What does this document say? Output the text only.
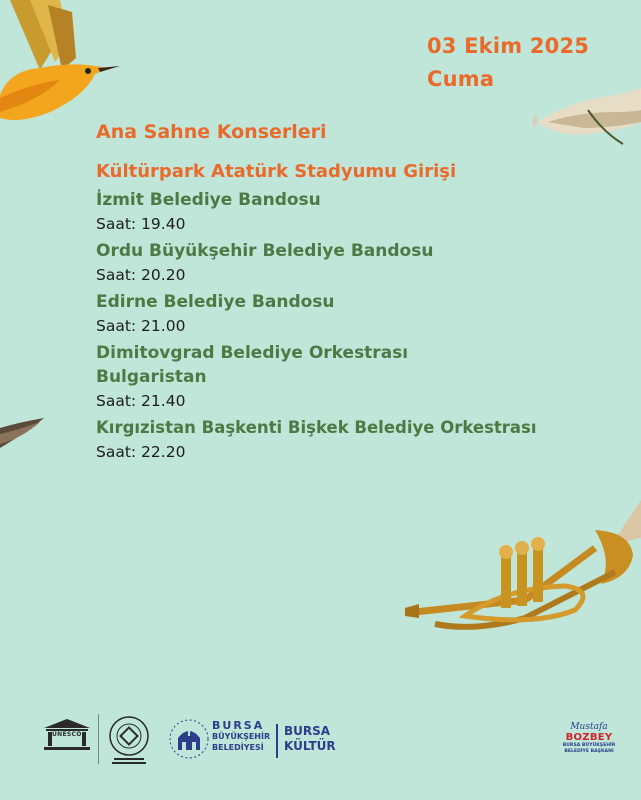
03 Ekim 2025
Cuma
Ana Sahne Konserleri
Kültürpark Atatürk Stadyumu Girişi
İzmit Belediye Bandosu
Saat: 19.40
Ordu Büyükşehir Belediye Bandosu
Saat: 20.20
Edirne Belediye Bandosu
Saat: 21.00
Dimitovgrad Belediye Orkestrası
Bulgaristan
Saat: 21.40
Kırgızistan Başkenti Bişkek Belediye Orkestrası
Saat: 22.20
UNESCO
BURSA
BÜYÜKŞEHİR
BELEDİYESİ
BURSA
KÜLTÜR
Mustafa
BOZBEY
BURSA BÜYÜKŞEHİR
BELEDİYE BAŞKANI
